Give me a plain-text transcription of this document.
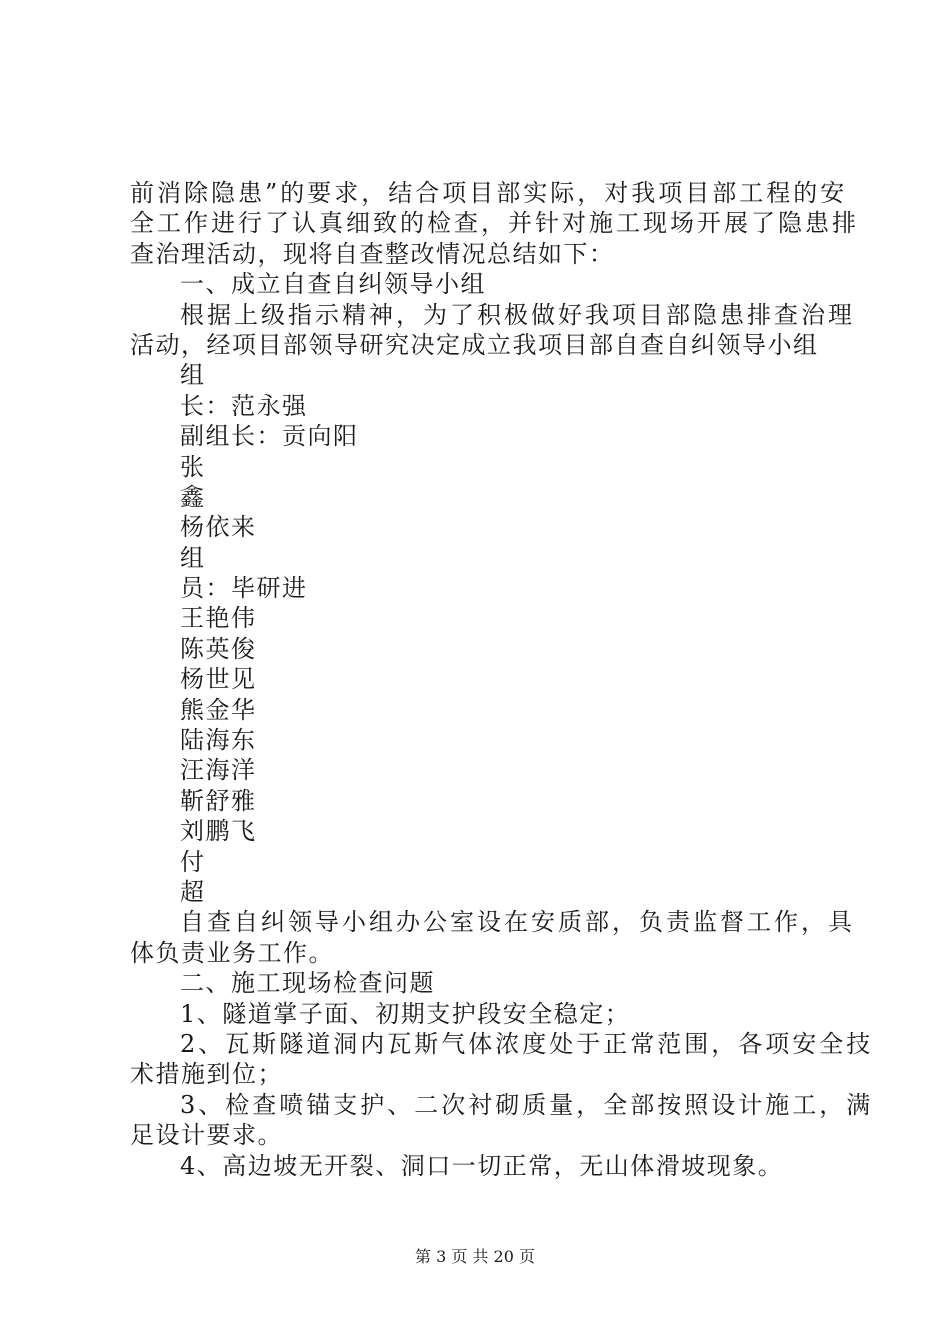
前消除隐患”的要求，结合项目部实际，对我项目部工程的安
全工作进行了认真细致的检查，并针对施工现场开展了隐患排
查治理活动，现将自查整改情况总结如下：
一、成立自查自纠领导小组
根据上级指示精神，为了积极做好我项目部隐患排查治理
活动，经项目部领导研究决定成立我项目部自查自纠领导小组
组
长：范永强
副组长：贡向阳
张
鑫
杨依来
组
员：毕研进
王艳伟
陈英俊
杨世见
熊金华
陆海东
汪海洋
靳舒雅
刘鹏飞
付
超
自查自纠领导小组办公室设在安质部，负责监督工作，具
体负责业务工作。
二、施工现场检查问题
1、隧道掌子面、初期支护段安全稳定；
2、瓦斯隧道洞内瓦斯气体浓度处于正常范围，各项安全技
术措施到位；
3、检查喷锚支护、二次衬砌质量，全部按照设计施工，满
足设计要求。
4、高边坡无开裂、洞口一切正常，无山体滑坡现象。
第 3 页 共 20 页
